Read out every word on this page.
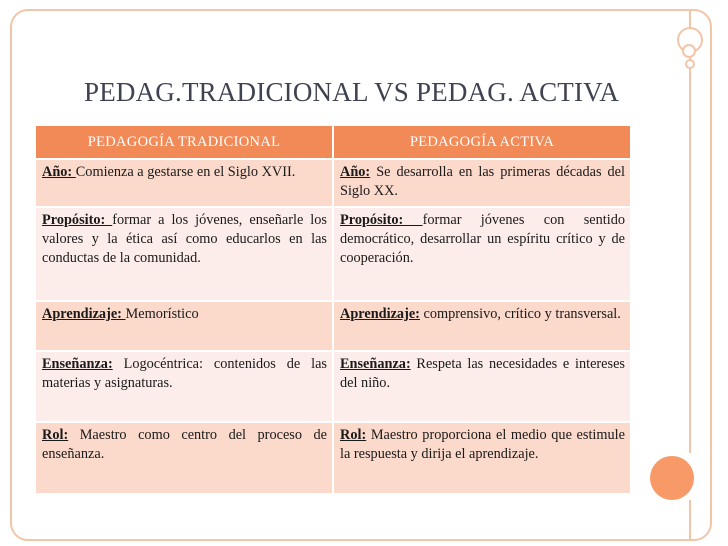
PEDAG.TRADICIONAL VS PEDAG. ACTIVA
PEDAGOGÍA TRADICIONAL	PEDAGOGÍA ACTIVA
Año: Comienza a gestarse en el Siglo XVII.	Año: Se desarrolla en las primeras décadas del Siglo XX.
Propósito: formar a los jóvenes, enseñarle los valores y la ética así como educarlos en las conductas de la comunidad.	Propósito: formar jóvenes con sentido democrático, desarrollar un espíritu crítico y de cooperación.
Aprendizaje: Memorístico	Aprendizaje: comprensivo, crítico y transversal.
Enseñanza: Logocéntrica: contenidos de las materias y asignaturas.	Enseñanza: Respeta las necesidades e intereses del niño.
Rol: Maestro como centro del proceso de enseñanza.	Rol: Maestro proporciona el medio que estimule la respuesta y dirija el aprendizaje.
